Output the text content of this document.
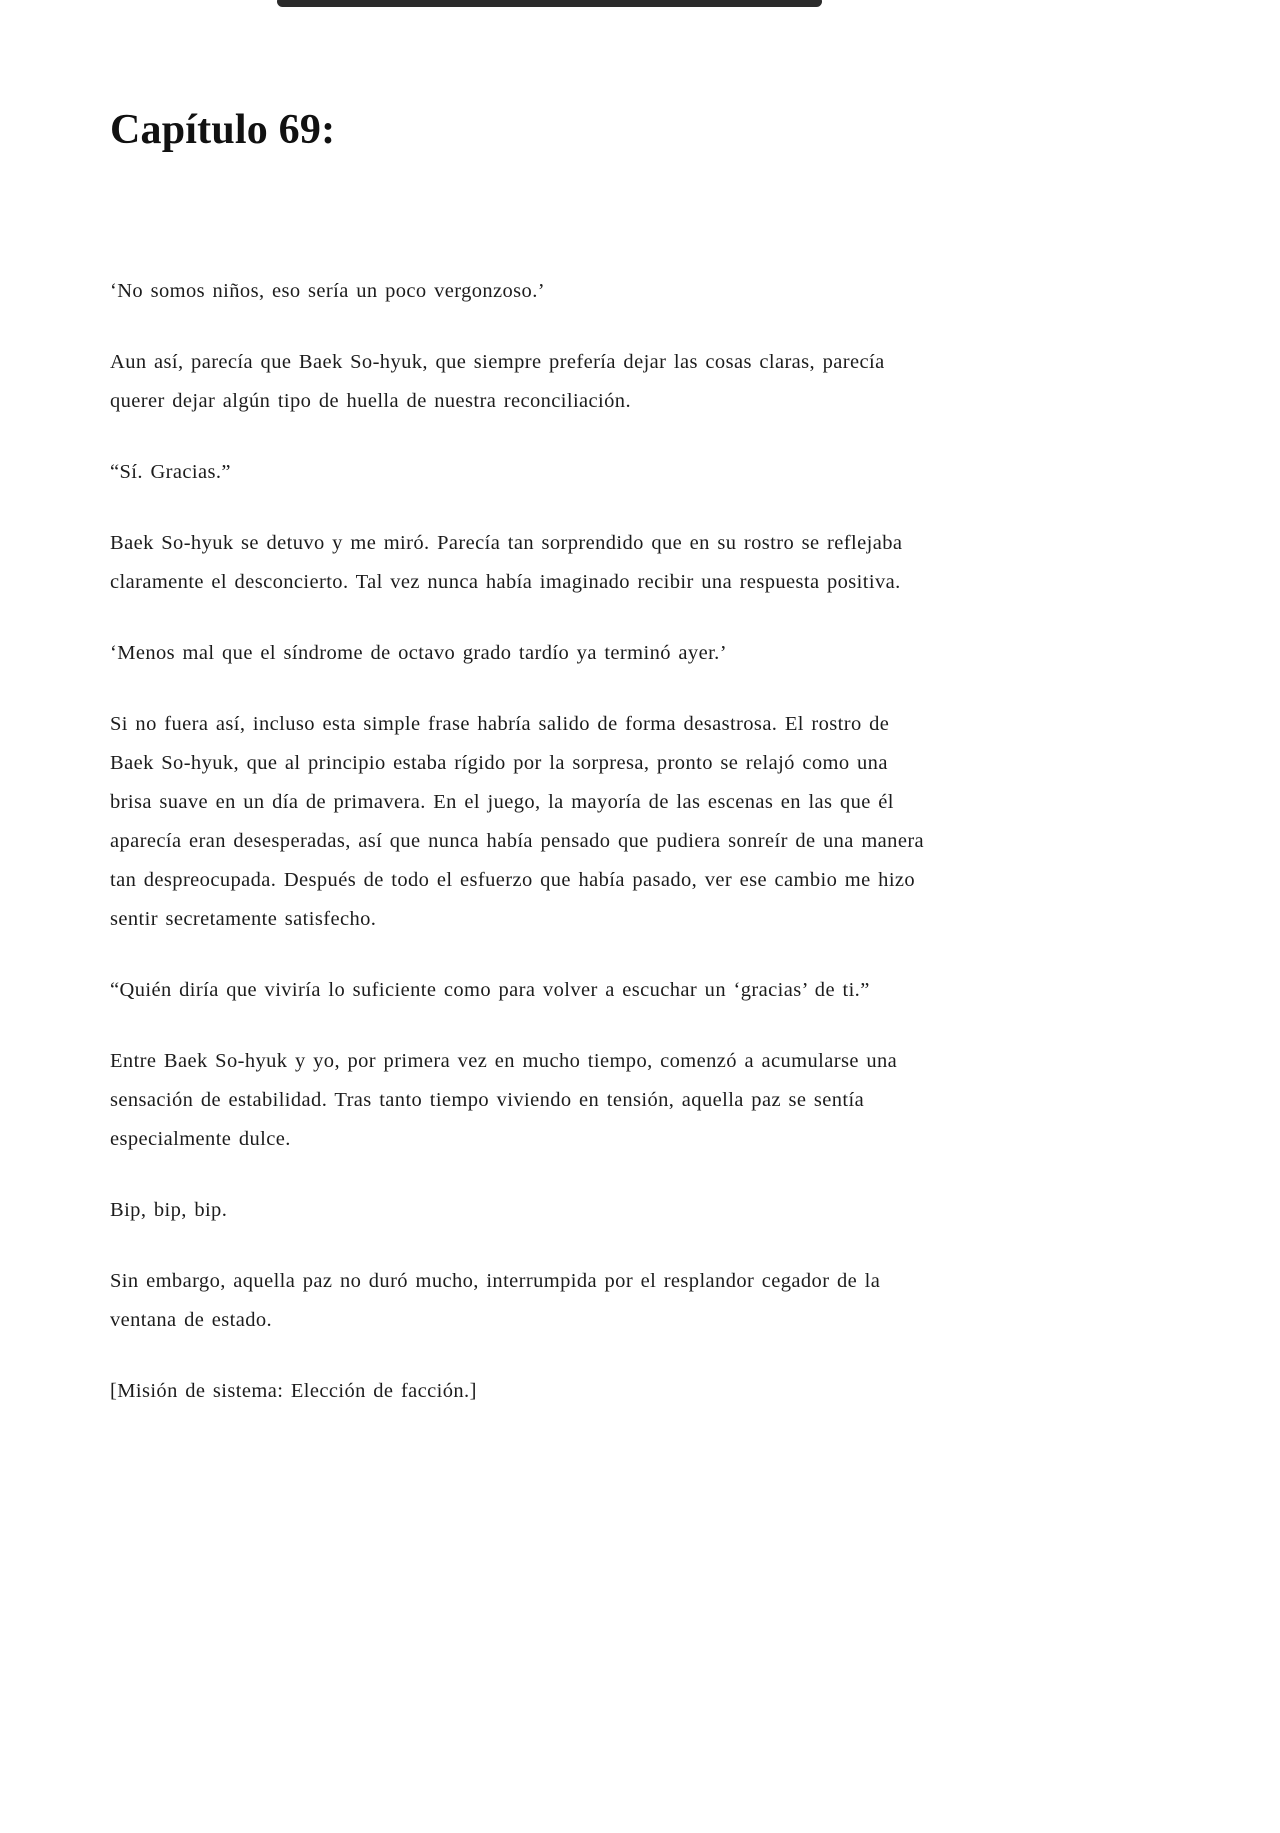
Capítulo 69:

‘No somos niños, eso sería un poco vergonzoso.’

Aun así, parecía que Baek So-hyuk, que siempre prefería dejar las cosas claras, parecía querer dejar algún tipo de huella de nuestra reconciliación.

“Sí. Gracias.”

Baek So-hyuk se detuvo y me miró. Parecía tan sorprendido que en su rostro se reflejaba claramente el desconcierto. Tal vez nunca había imaginado recibir una respuesta positiva.

‘Menos mal que el síndrome de octavo grado tardío ya terminó ayer.’

Si no fuera así, incluso esta simple frase habría salido de forma desastrosa. El rostro de Baek So-hyuk, que al principio estaba rígido por la sorpresa, pronto se relajó como una brisa suave en un día de primavera. En el juego, la mayoría de las escenas en las que él aparecía eran desesperadas, así que nunca había pensado que pudiera sonreír de una manera tan despreocupada. Después de todo el esfuerzo que había pasado, ver ese cambio me hizo sentir secretamente satisfecho.

“Quién diría que viviría lo suficiente como para volver a escuchar un ‘gracias’ de ti.”

Entre Baek So-hyuk y yo, por primera vez en mucho tiempo, comenzó a acumularse una sensación de estabilidad. Tras tanto tiempo viviendo en tensión, aquella paz se sentía especialmente dulce.

Bip, bip, bip.

Sin embargo, aquella paz no duró mucho, interrumpida por el resplandor cegador de la ventana de estado.

[Misión de sistema: Elección de facción.]
